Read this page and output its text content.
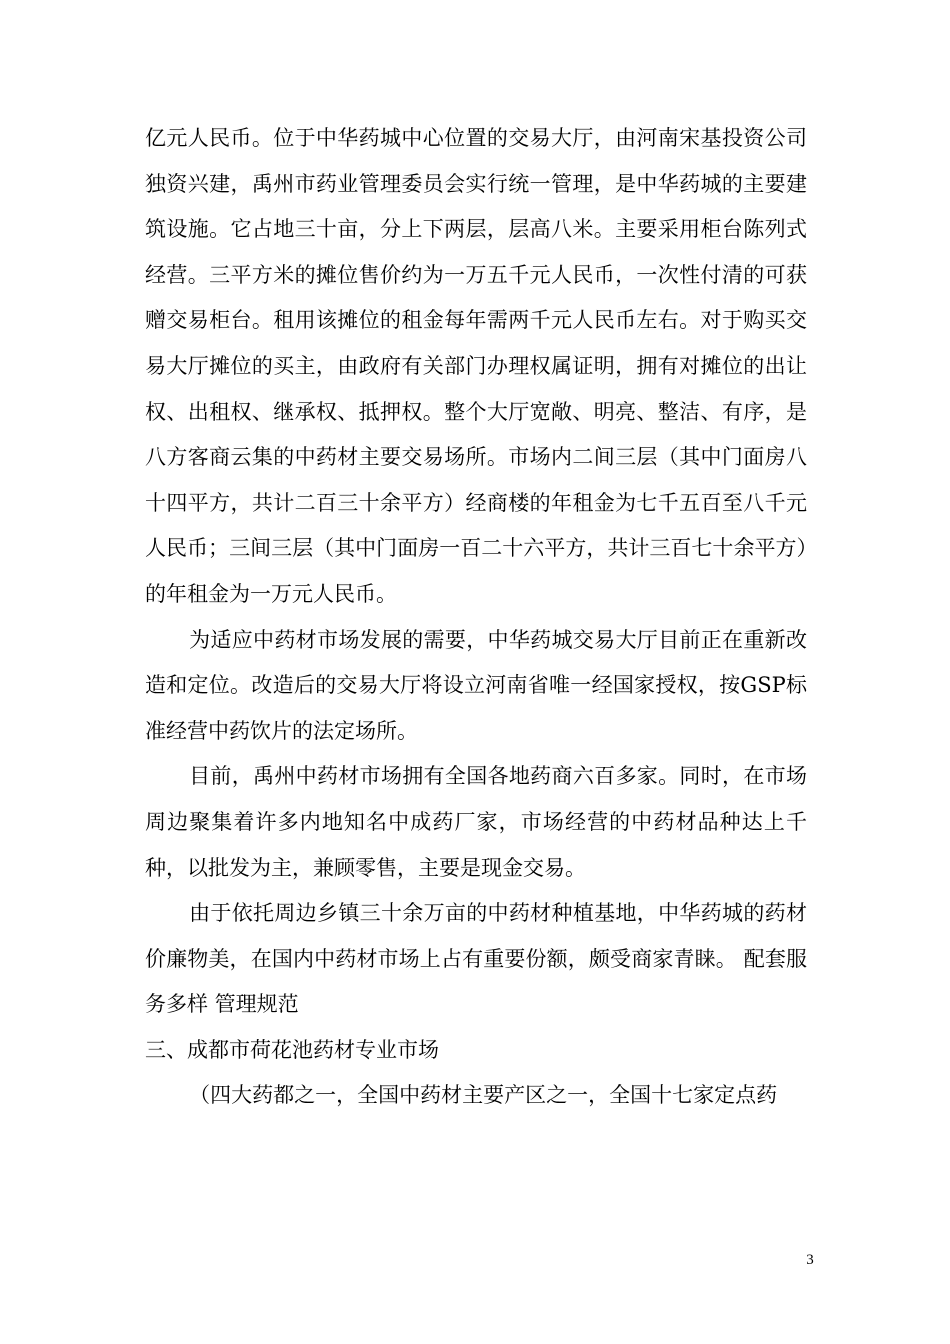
亿元人民币。位于中华药城中心位置的交易大厅，由河南宋基投资公司独资兴建，禹州市药业管理委员会实行统一管理，是中华药城的主要建筑设施。它占地三十亩，分上下两层，层高八米。主要采用柜台陈列式经营。三平方米的摊位售价约为一万五千元人民币，一次性付清的可获赠交易柜台。租用该摊位的租金每年需两千元人民币左右。对于购买交易大厅摊位的买主，由政府有关部门办理权属证明，拥有对摊位的出让权、出租权、继承权、抵押权。整个大厅宽敞、明亮、整洁、有序，是八方客商云集的中药材主要交易场所。市场内二间三层（其中门面房八十四平方，共计二百三十余平方）经商楼的年租金为七千五百至八千元人民币；三间三层（其中门面房一百二十六平方，共计三百七十余平方）的年租金为一万元人民币。

为适应中药材市场发展的需要，中华药城交易大厅目前正在重新改造和定位。改造后的交易大厅将设立河南省唯一经国家授权，按GSP标准经营中药饮片的法定场所。

目前，禹州中药材市场拥有全国各地药商六百多家。同时，在市场周边聚集着许多内地知名中成药厂家，市场经营的中药材品种达上千种，以批发为主，兼顾零售，主要是现金交易。

由于依托周边乡镇三十余万亩的中药材种植基地，中华药城的药材价廉物美，在国内中药材市场上占有重要份额，颇受商家青睐。 配套服务多样 管理规范

三、成都市荷花池药材专业市场

（四大药都之一，全国中药材主要产区之一，全国十七家定点药

3
